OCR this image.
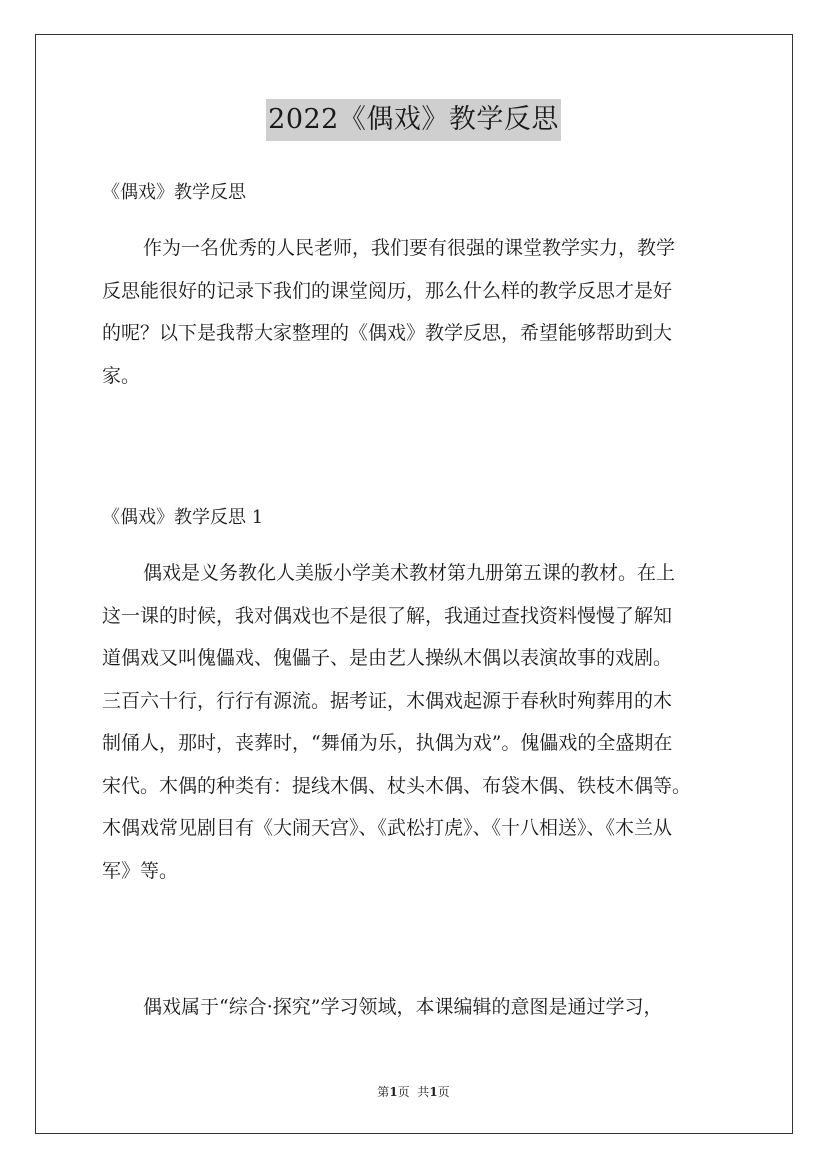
2022《偶戏》教学反思

《偶戏》教学反思

作为一名优秀的人民老师，我们要有很强的课堂教学实力，教学
反思能很好的记录下我们的课堂阅历，那么什么样的教学反思才是好
的呢？以下是我帮大家整理的《偶戏》教学反思，希望能够帮助到大
家。

《偶戏》教学反思 1

偶戏是义务教化人美版小学美术教材第九册第五课的教材。在上
这一课的时候，我对偶戏也不是很了解，我通过查找资料慢慢了解知
道偶戏又叫傀儡戏、傀儡子、是由艺人操纵木偶以表演故事的戏剧。
三百六十行，行行有源流。据考证，木偶戏起源于春秋时殉葬用的木
制俑人，那时，丧葬时，“舞俑为乐，执偶为戏”。傀儡戏的全盛期在
宋代。木偶的种类有：提线木偶、杖头木偶、布袋木偶、铁枝木偶等。
木偶戏常见剧目有《大闹天宫》、《武松打虎》、《十八相送》、《木兰从
军》等。
偶戏属于“综合·探究”学习领域，本课编辑的意图是通过学习，
第1页  共1页
